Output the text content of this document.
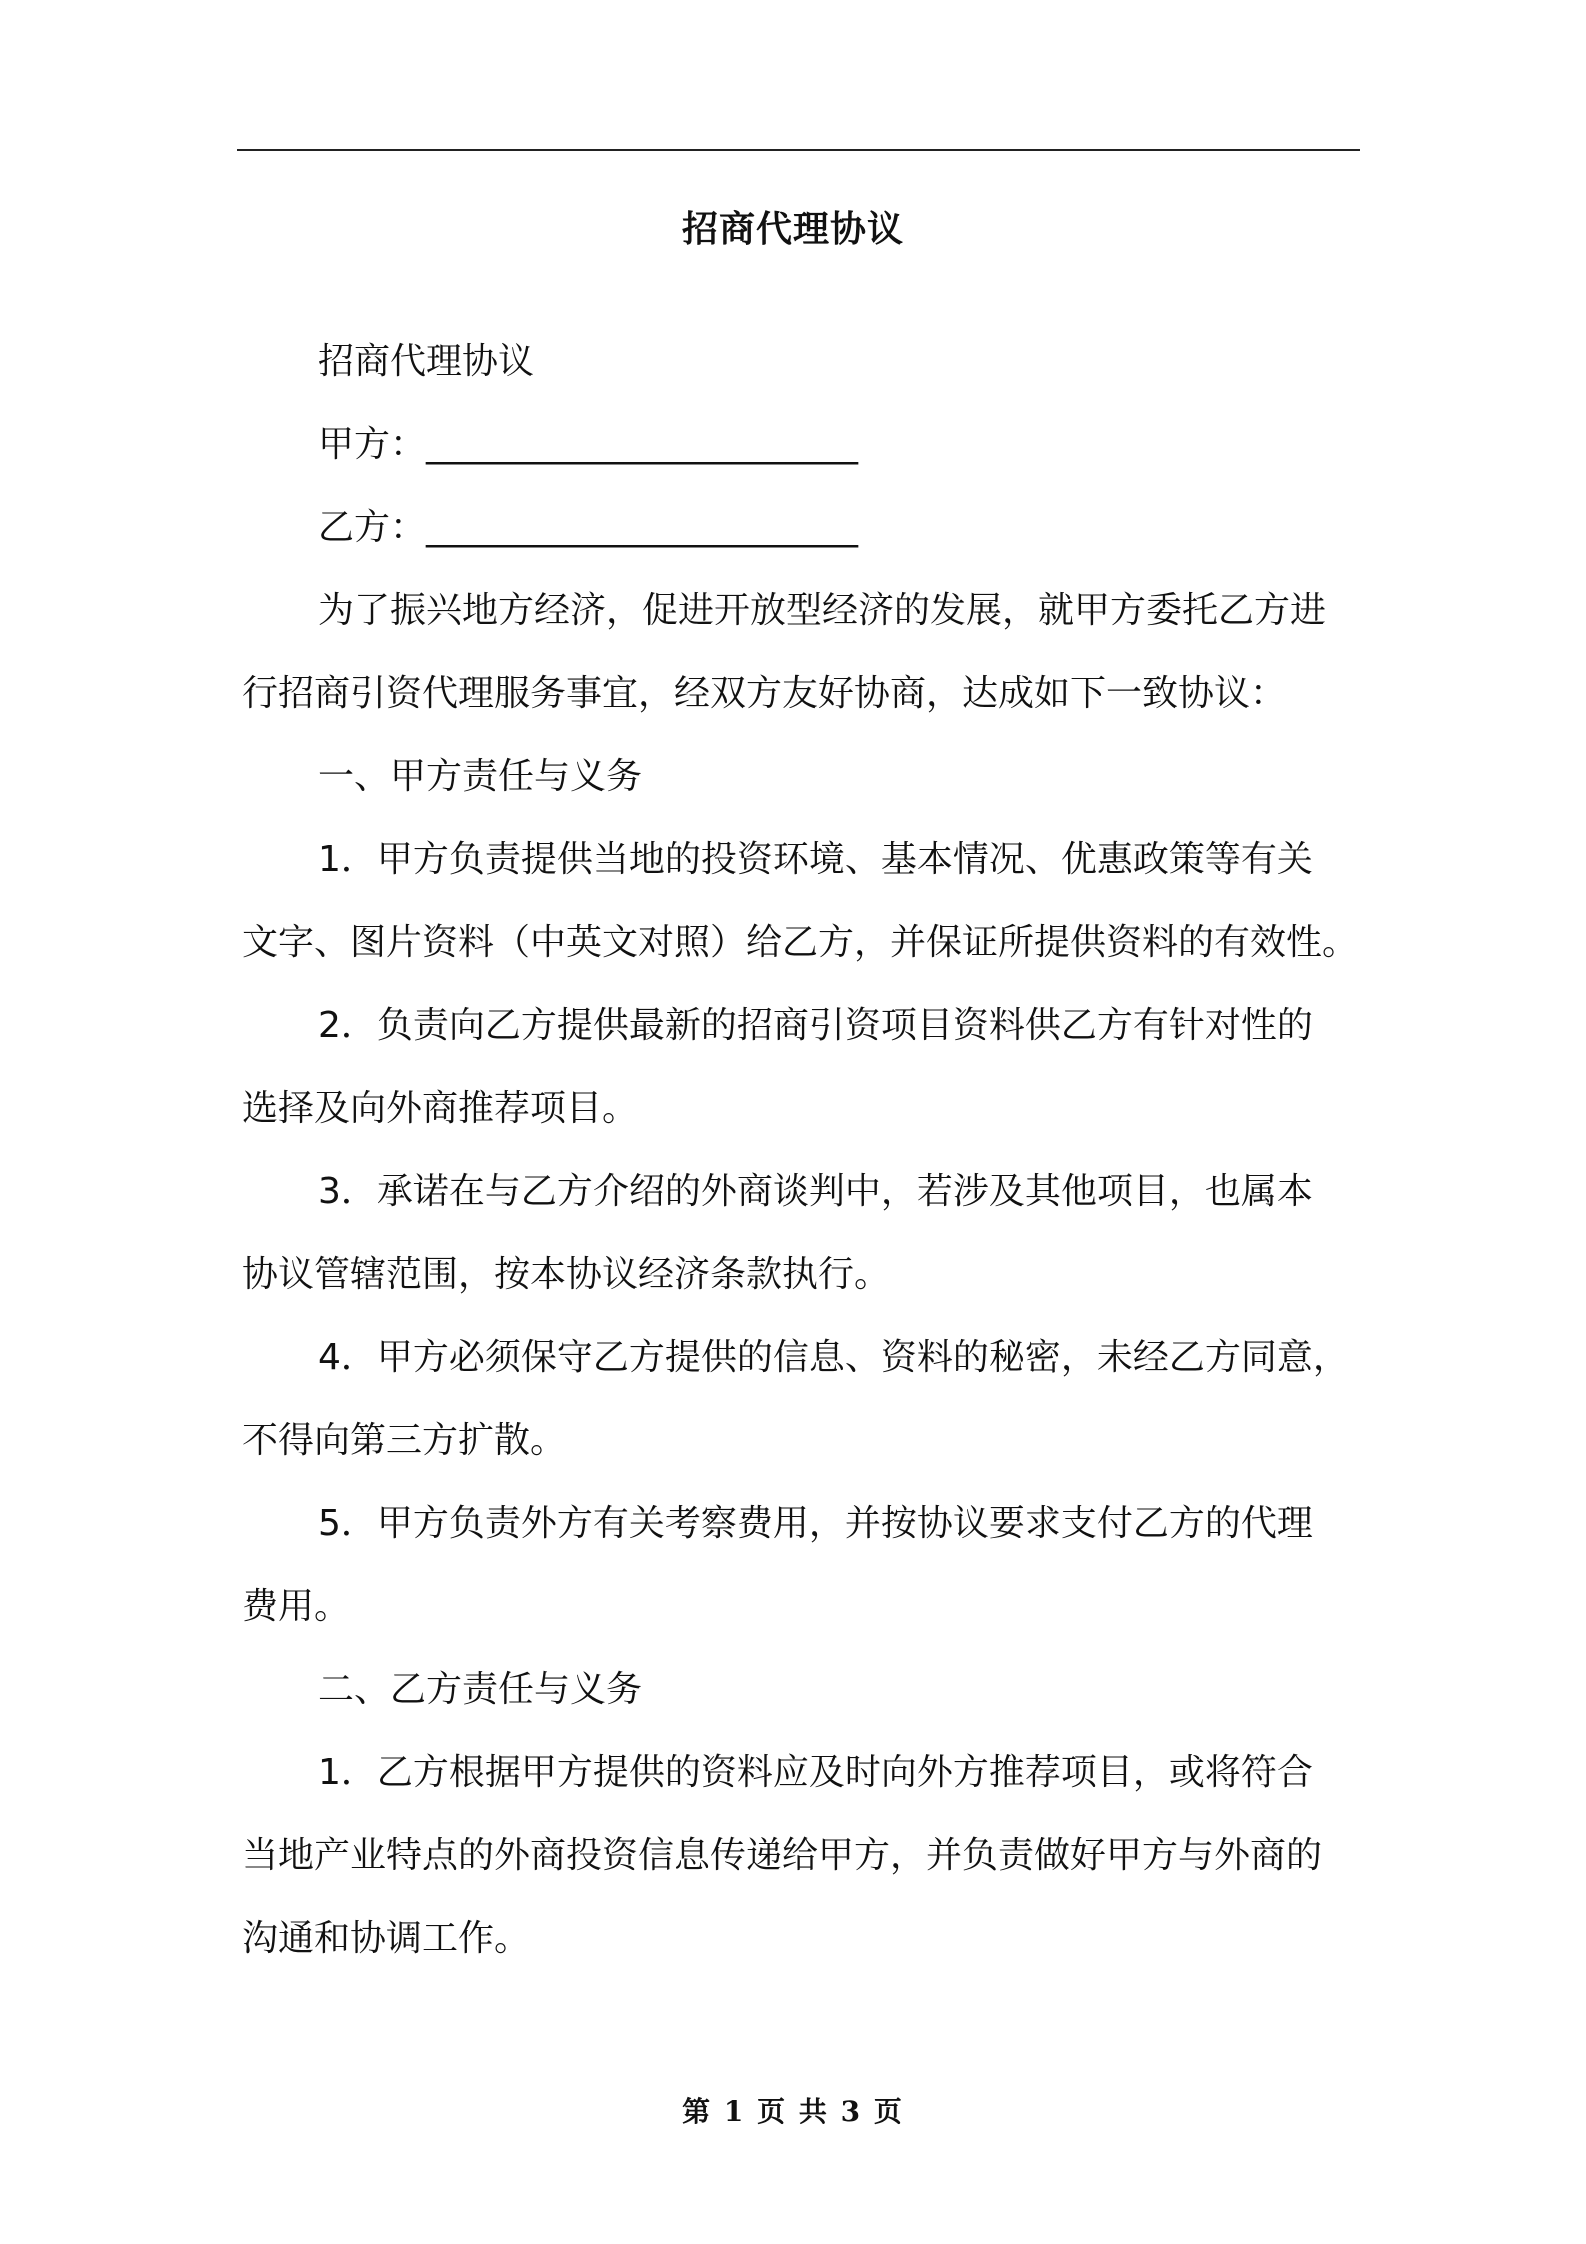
招商代理协议
招商代理协议
甲方：________________________
乙方：________________________
为了振兴地方经济，促进开放型经济的发展，就甲方委托乙方进
行招商引资代理服务事宜，经双方友好协商，达成如下一致协议：
一、甲方责任与义务
1．甲方负责提供当地的投资环境、基本情况、优惠政策等有关
文字、图片资料（中英文对照）给乙方，并保证所提供资料的有效性。
2．负责向乙方提供最新的招商引资项目资料供乙方有针对性的
选择及向外商推荐项目。
3．承诺在与乙方介绍的外商谈判中，若涉及其他项目，也属本
协议管辖范围，按本协议经济条款执行。
4．甲方必须保守乙方提供的信息、资料的秘密，未经乙方同意，
不得向第三方扩散。
5．甲方负责外方有关考察费用，并按协议要求支付乙方的代理
费用。
二、乙方责任与义务
1．乙方根据甲方提供的资料应及时向外方推荐项目，或将符合
当地产业特点的外商投资信息传递给甲方，并负责做好甲方与外商的
沟通和协调工作。
第 1 页 共 3 页
